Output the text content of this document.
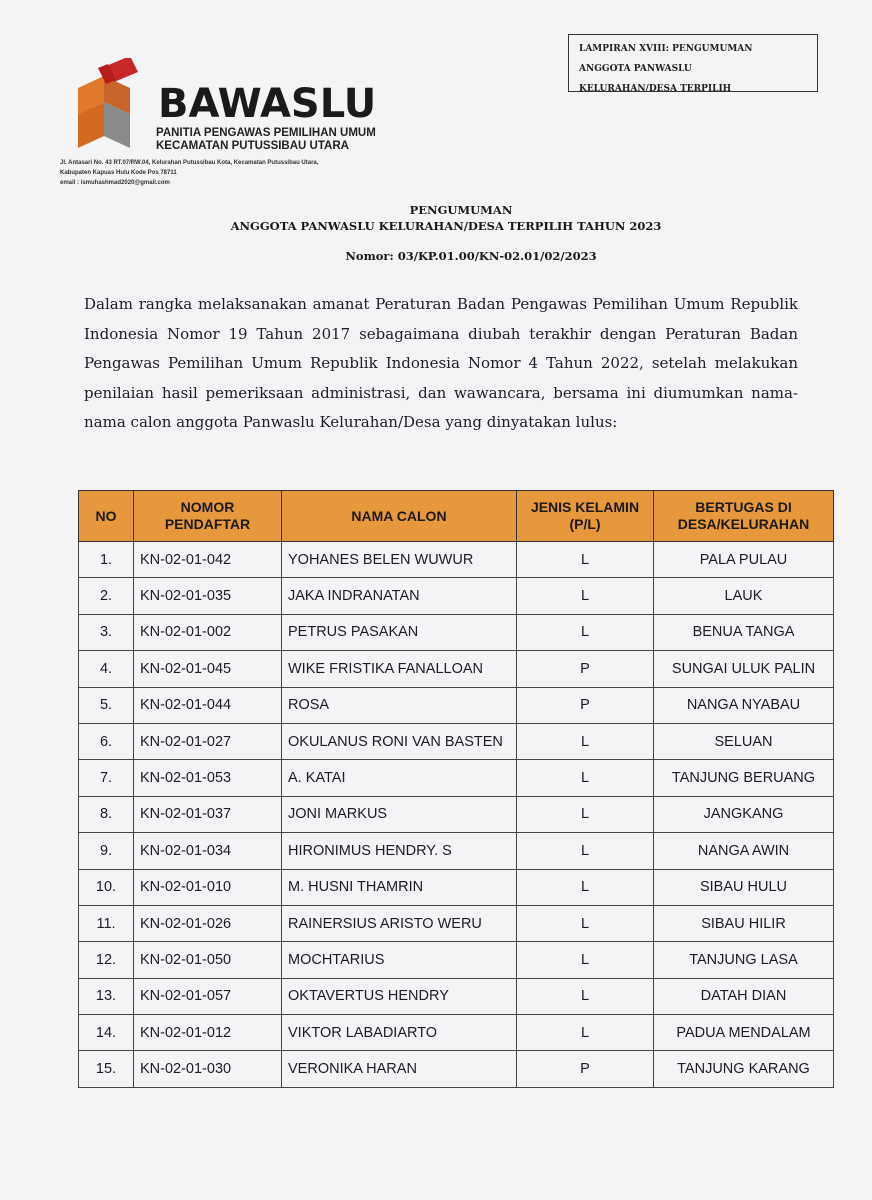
LAMPIRAN XVIII: PENGUMUMAN
ANGGOTA PANWASLU
KELURAHAN/DESA TERPILIH
BAWASLU
PANITIA PENGAWAS PEMILIHAN UMUM
KECAMATAN PUTUSSIBAU UTARA
Jl. Antasari No. 43 RT.07/RW.04, Kelurahan Putussibau Kota, Kecamatan Putussibau Utara,
Kabupaten Kapuas Hulu Kode Pos 78711
email : ismuhashmad2020@gmail.com
PENGUMUMAN
ANGGOTA PANWASLU KELURAHAN/DESA TERPILIH TAHUN 2023
Nomor: 03/KP.01.00/KN-02.01/02/2023
Dalam rangka melaksanakan amanat Peraturan Badan Pengawas Pemilihan Umum Republik Indonesia Nomor 19 Tahun 2017 sebagaimana diubah terakhir dengan Peraturan Badan Pengawas Pemilihan Umum Republik Indonesia Nomor 4 Tahun 2022, setelah melakukan penilaian hasil pemeriksaan administrasi, dan wawancara, bersama ini diumumkan nama-nama calon anggota Panwaslu Kelurahan/Desa yang dinyatakan lulus:
NO	NOMOR PENDAFTAR	NAMA CALON	JENIS KELAMIN (P/L)	BERTUGAS DI DESA/KELURAHAN
1.	KN-02-01-042	YOHANES BELEN WUWUR	L	PALA PULAU
2.	KN-02-01-035	JAKA INDRANATAN	L	LAUK
3.	KN-02-01-002	PETRUS PASAKAN	L	BENUA TANGA
4.	KN-02-01-045	WIKE FRISTIKA FANALLOAN	P	SUNGAI ULUK PALIN
5.	KN-02-01-044	ROSA	P	NANGA NYABAU
6.	KN-02-01-027	OKULANUS RONI VAN BASTEN	L	SELUAN
7.	KN-02-01-053	A. KATAI	L	TANJUNG BERUANG
8.	KN-02-01-037	JONI MARKUS	L	JANGKANG
9.	KN-02-01-034	HIRONIMUS HENDRY. S	L	NANGA AWIN
10.	KN-02-01-010	M. HUSNI THAMRIN	L	SIBAU HULU
11.	KN-02-01-026	RAINERSIUS ARISTO WERU	L	SIBAU HILIR
12.	KN-02-01-050	MOCHTARIUS	L	TANJUNG LASA
13.	KN-02-01-057	OKTAVERTUS HENDRY	L	DATAH DIAN
14.	KN-02-01-012	VIKTOR LABADIARTO	L	PADUA MENDALAM
15.	KN-02-01-030	VERONIKA HARAN	P	TANJUNG KARANG
